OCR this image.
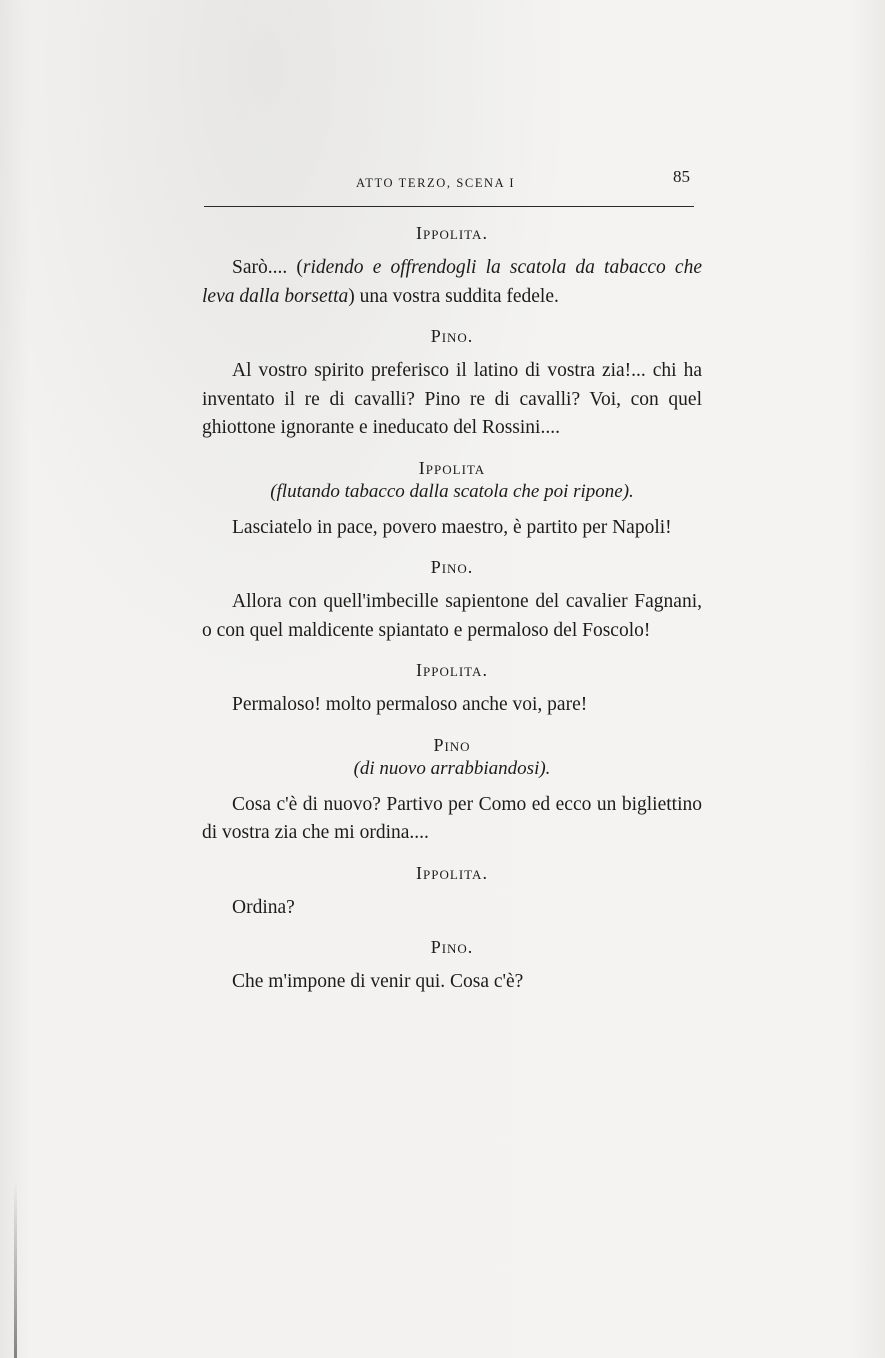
ATTO TERZO, SCENA I	85

Ippolita.

Sarò.... (ridendo e offrendogli la scatola da tabacco che leva dalla borsetta) una vostra suddita fedele.

Pino.

Al vostro spirito preferisco il latino di vostra zia!... chi ha inventato il re di cavalli? Pino re di cavalli? Voi, con quel ghiottone ignorante e ineducato del Rossini....

Ippolita

(flutando tabacco dalla scatola che poi ripone).

Lasciatelo in pace, povero maestro, è partito per Napoli!

Pino.

Allora con quell'imbecille sapientone del cavalier Fagnani, o con quel maldicente spiantato e permaloso del Foscolo!

Ippolita.

Permaloso! molto permaloso anche voi, pare!

Pino

(di nuovo arrabbiandosi).

Cosa c'è di nuovo? Partivo per Como ed ecco un bigliettino di vostra zia che mi ordina....

Ippolita.

Ordina?

Pino.

Che m'impone di venir qui. Cosa c'è?
